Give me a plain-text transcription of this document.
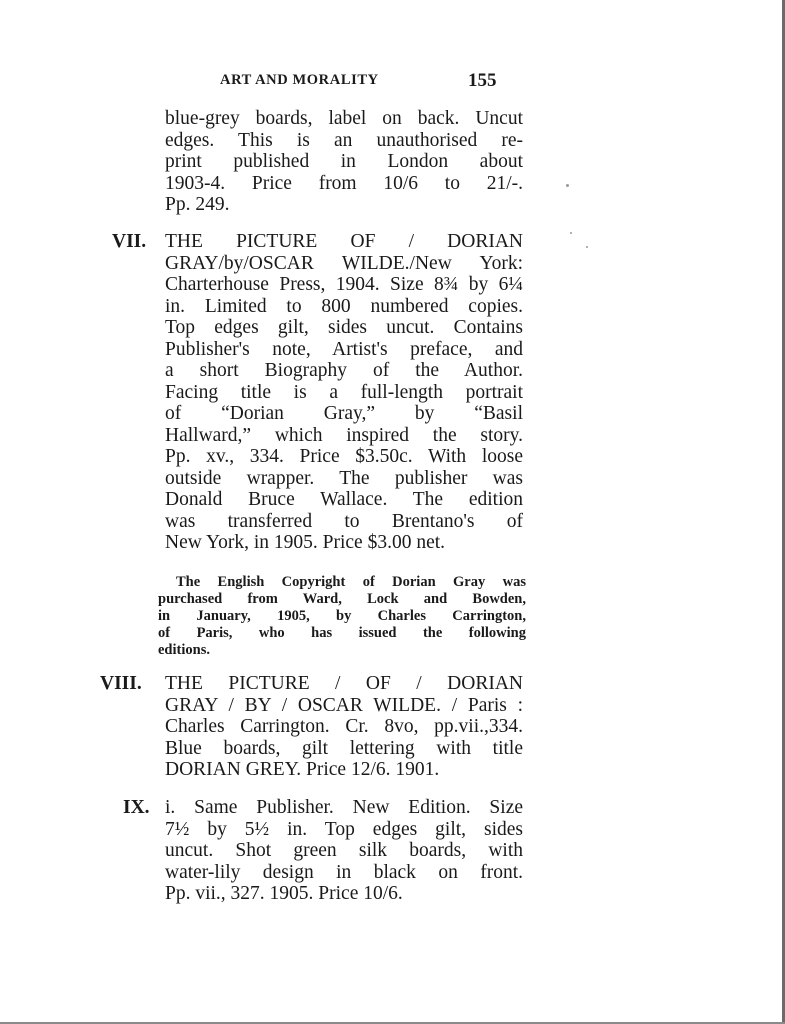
ART AND MORALITY	155
blue-grey boards, label on back. Uncut
edges. This is an unauthorised re-
print published in London about
1903-4. Price from 10/6 to 21/-.
Pp. 249.
VII. THE PICTURE OF / DORIAN
GRAY/by/OSCAR WILDE./New York:
Charterhouse Press, 1904. Size 8¾ by 6¼
in. Limited to 800 numbered copies.
Top edges gilt, sides uncut. Contains
Publisher's note, Artist's preface, and
a short Biography of the Author.
Facing title is a full-length portrait
of “Dorian Gray,” by “Basil
Hallward,” which inspired the story.
Pp. xv., 334. Price $3.50c. With loose
outside wrapper. The publisher was
Donald Bruce Wallace. The edition
was transferred to Brentano's of
New York, in 1905. Price $3.00 net.
The English Copyright of Dorian Gray was
purchased from Ward, Lock and Bowden,
in January, 1905, by Charles Carrington,
of Paris, who has issued the following
editions.
VIII. THE PICTURE / OF / DORIAN
GRAY / BY / OSCAR WILDE. / Paris :
Charles Carrington. Cr. 8vo, pp.vii.,334.
Blue boards, gilt lettering with title
DORIAN GREY. Price 12/6. 1901.
IX. i. Same Publisher. New Edition. Size
7½ by 5½ in. Top edges gilt, sides
uncut. Shot green silk boards, with
water-lily design in black on front.
Pp. vii., 327. 1905. Price 10/6.
